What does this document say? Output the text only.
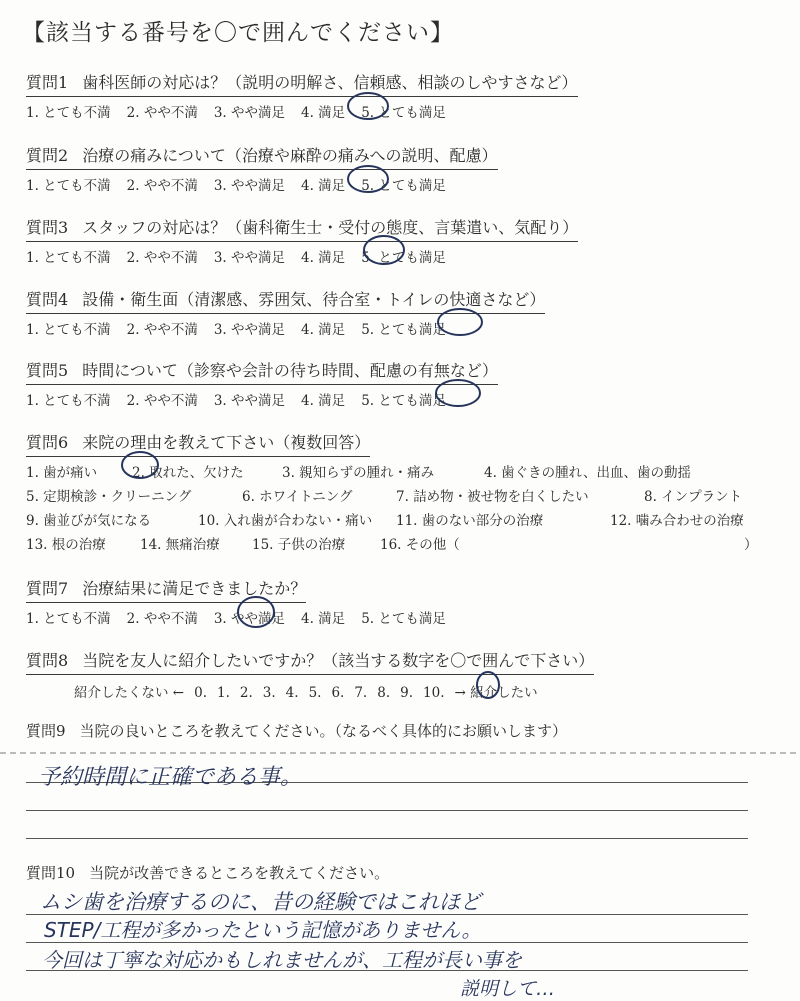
【該当する番号を〇で囲んでください】
質問1 歯科医師の対応は？（説明の明解さ、信頼感、相談のしやすさなど）
1. とても不満 2. やや不満 3. やや満足 4. 満足 5. とても満足
質問2 治療の痛みについて（治療や麻酔の痛みへの説明、配慮）
1. とても不満 2. やや不満 3. やや満足 4. 満足 5. とても満足
質問3 スタッフの対応は？（歯科衛生士・受付の態度、言葉遣い、気配り）
1. とても不満 2. やや不満 3. やや満足 4. 満足 5. とても満足
質問4 設備・衛生面（清潔感、雰囲気、待合室・トイレの快適さなど）
1. とても不満 2. やや不満 3. やや満足 4. 満足 5. とても満足
質問5 時間について（診察や会計の待ち時間、配慮の有無など）
1. とても不満 2. やや不満 3. やや満足 4. 満足 5. とても満足
質問6 来院の理由を教えて下さい（複数回答）
1. 歯が痛い	2. 取れた、欠けた	3. 親知らずの腫れ・痛み	4. 歯ぐきの腫れ、出血、歯の動揺
5. 定期検診・クリーニング	6. ホワイトニング	7. 詰め物・被せ物を白くしたい	8. インプラント
9. 歯並びが気になる	10. 入れ歯が合わない・痛い 11. 歯のない部分の治療	12. 噛み合わせの治療
13. 根の治療	14. 無痛治療 15. 子供の治療	16. その他（	）
質問7 治療結果に満足できましたか？
1. とても不満 2. やや不満 3. やや満足 4. 満足 5. とても満足
質問8 当院を友人に紹介したいですか？（該当する数字を〇で囲んで下さい）
紹介したくない ← 0. 1. 2. 3. 4. 5. 6. 7. 8. 9. 10. → 紹介したい
質問9 当院の良いところを教えてください。（なるべく具体的にお願いします）
予約時間に正確である事。
質問10 当院が改善できるところを教えてください。
ムシ歯を治療するのに、昔の経験ではこれほど
STEP/工程が多かったという記憶がありません。
今回は丁寧な対応かもしれませんが、工程が長い事を
説明して…
